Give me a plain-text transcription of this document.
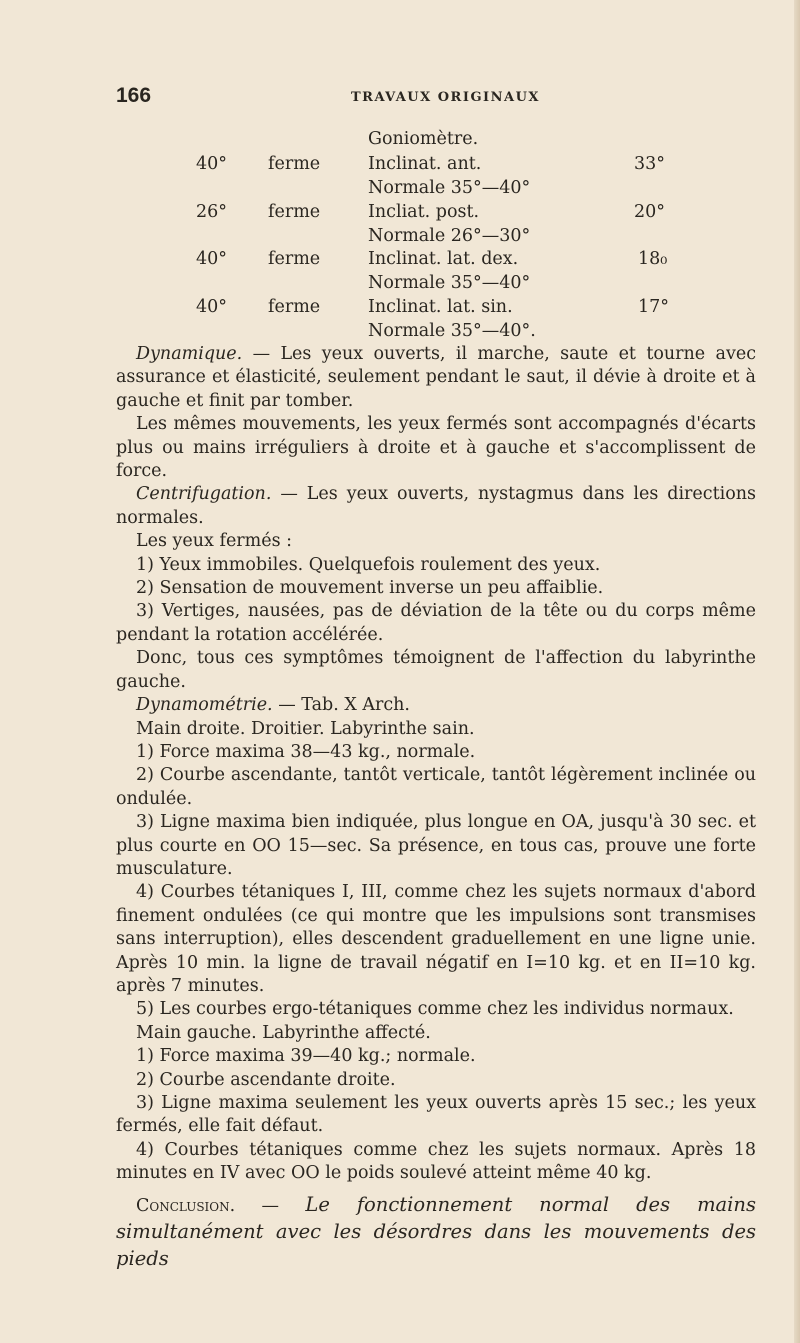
166	TRAVAUX ORIGINAUX
Goniomètre.
40° ferme	Inclinat. ant.	33°
Normale 35°—40°
26° ferme	Incliat. post.	20°
Normale 26°—30°
40° ferme	Inclinat. lat. dex.	18₀
Normale 35°—40°
40° ferme	Inclinat. lat. sin.	17°
Normale 35°—40°.

Dynamique. — Les yeux ouverts, il marche, saute et tourne avec assurance et élasticité, seulement pendant le saut, il dévie à droite et à gauche et finit par tomber.

Les mêmes mouvements, les yeux fermés sont accompagnés d'écarts plus ou mains irréguliers à droite et à gauche et s'accomplissent de force.

Centrifugation. — Les yeux ouverts, nystagmus dans les directions normales.

Les yeux fermés :

1) Yeux immobiles. Quelquefois roulement des yeux.

2) Sensation de mouvement inverse un peu affaiblie.

3) Vertiges, nausées, pas de déviation de la tête ou du corps même pendant la rotation accélérée.

Donc, tous ces symptômes témoignent de l'affection du labyrinthe gauche.

Dynamométrie. — Tab. X Arch.

Main droite. Droitier. Labyrinthe sain.

1) Force maxima 38—43 kg., normale.

2) Courbe ascendante, tantôt verticale, tantôt légèrement inclinée ou ondulée.

3) Ligne maxima bien indiquée, plus longue en OA, jusqu'à 30 sec. et plus courte en OO 15—sec. Sa présence, en tous cas, prouve une forte musculature.

4) Courbes tétaniques I, III, comme chez les sujets normaux d'abord finement ondulées (ce qui montre que les impulsions sont transmises sans interruption), elles descendent graduellement en une ligne unie. Après 10 min. la ligne de travail négatif en I=10 kg. et en II=10 kg. après 7 minutes.

5) Les courbes ergo-tétaniques comme chez les individus normaux.

Main gauche. Labyrinthe affecté.

1) Force maxima 39—40 kg.; normale.

2) Courbe ascendante droite.

3) Ligne maxima seulement les yeux ouverts après 15 sec.; les yeux fermés, elle fait défaut.

4) Courbes tétaniques comme chez les sujets normaux. Après 18 minutes en IV avec OO le poids soulevé atteint même 40 kg.

Conclusion. — Le fonctionnement normal des mains simultanément avec les désordres dans les mouvements des pieds
